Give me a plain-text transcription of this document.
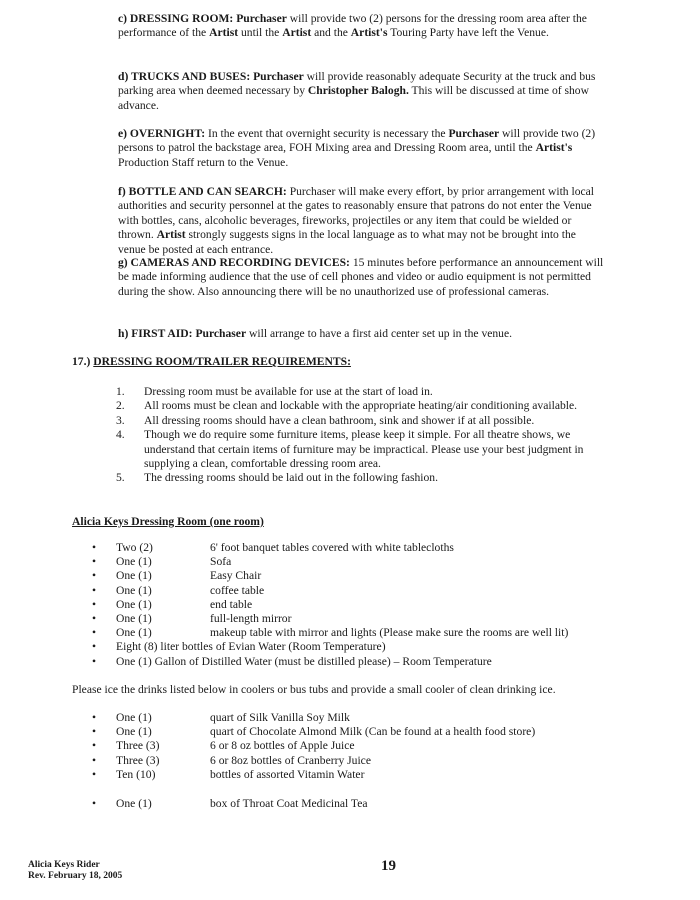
c) DRESSING ROOM: Purchaser will provide two (2) persons for the dressing room area after the performance of the Artist until the Artist and the Artist's Touring Party have left the Venue.

d) TRUCKS AND BUSES: Purchaser will provide reasonably adequate Security at the truck and bus parking area when deemed necessary by Christopher Balogh. This will be discussed at time of show advance.

e) OVERNIGHT: In the event that overnight security is necessary the Purchaser will provide two (2) persons to patrol the backstage area, FOH Mixing area and Dressing Room area, until the Artist's Production Staff return to the Venue.

f) BOTTLE AND CAN SEARCH: Purchaser will make every effort, by prior arrangement with local authorities and security personnel at the gates to reasonably ensure that patrons do not enter the Venue with bottles, cans, alcoholic beverages, fireworks, projectiles or any item that could be wielded or thrown. Artist strongly suggests signs in the local language as to what may not be brought into the venue be posted at each entrance.

g) CAMERAS AND RECORDING DEVICES: 15 minutes before performance an announcement will be made informing audience that the use of cell phones and video or audio equipment is not permitted during the show. Also announcing there will be no unauthorized use of professional cameras.

h) FIRST AID: Purchaser will arrange to have a first aid center set up in the venue.

17.) DRESSING ROOM/TRAILER REQUIREMENTS:

1.	Dressing room must be available for use at the start of load in.
2.	All rooms must be clean and lockable with the appropriate heating/air conditioning available.
3.	All dressing rooms should have a clean bathroom, sink and shower if at all possible.
4.	Though we do require some furniture items, please keep it simple. For all theatre shows, we understand that certain items of furniture may be impractical. Please use your best judgment in supplying a clean, comfortable dressing room area.
5.	The dressing rooms should be laid out in the following fashion.

Alicia Keys Dressing Room (one room)

•	Two (2)	6' foot banquet tables covered with white tablecloths
•	One (1)	Sofa
•	One (1)	Easy Chair
•	One (1)	coffee table
•	One (1)	end table
•	One (1)	full-length mirror
•	One (1)	makeup table with mirror and lights (Please make sure the rooms are well lit)
•	Eight (8) liter bottles of Evian Water (Room Temperature)
•	One (1) Gallon of Distilled Water (must be distilled please) – Room Temperature

Please ice the drinks listed below in coolers or bus tubs and provide a small cooler of clean drinking ice.

•	One (1)	quart of Silk Vanilla Soy Milk
•	One (1)	quart of Chocolate Almond Milk (Can be found at a health food store)
•	Three (3)	6 or 8 oz bottles of Apple Juice
•	Three (3)	6 or 8oz bottles of Cranberry Juice
•	Ten (10)	bottles of assorted Vitamin Water
•	One (1)	box of Throat Coat Medicinal Tea

Alicia Keys Rider
Rev. February 18, 2005

19
